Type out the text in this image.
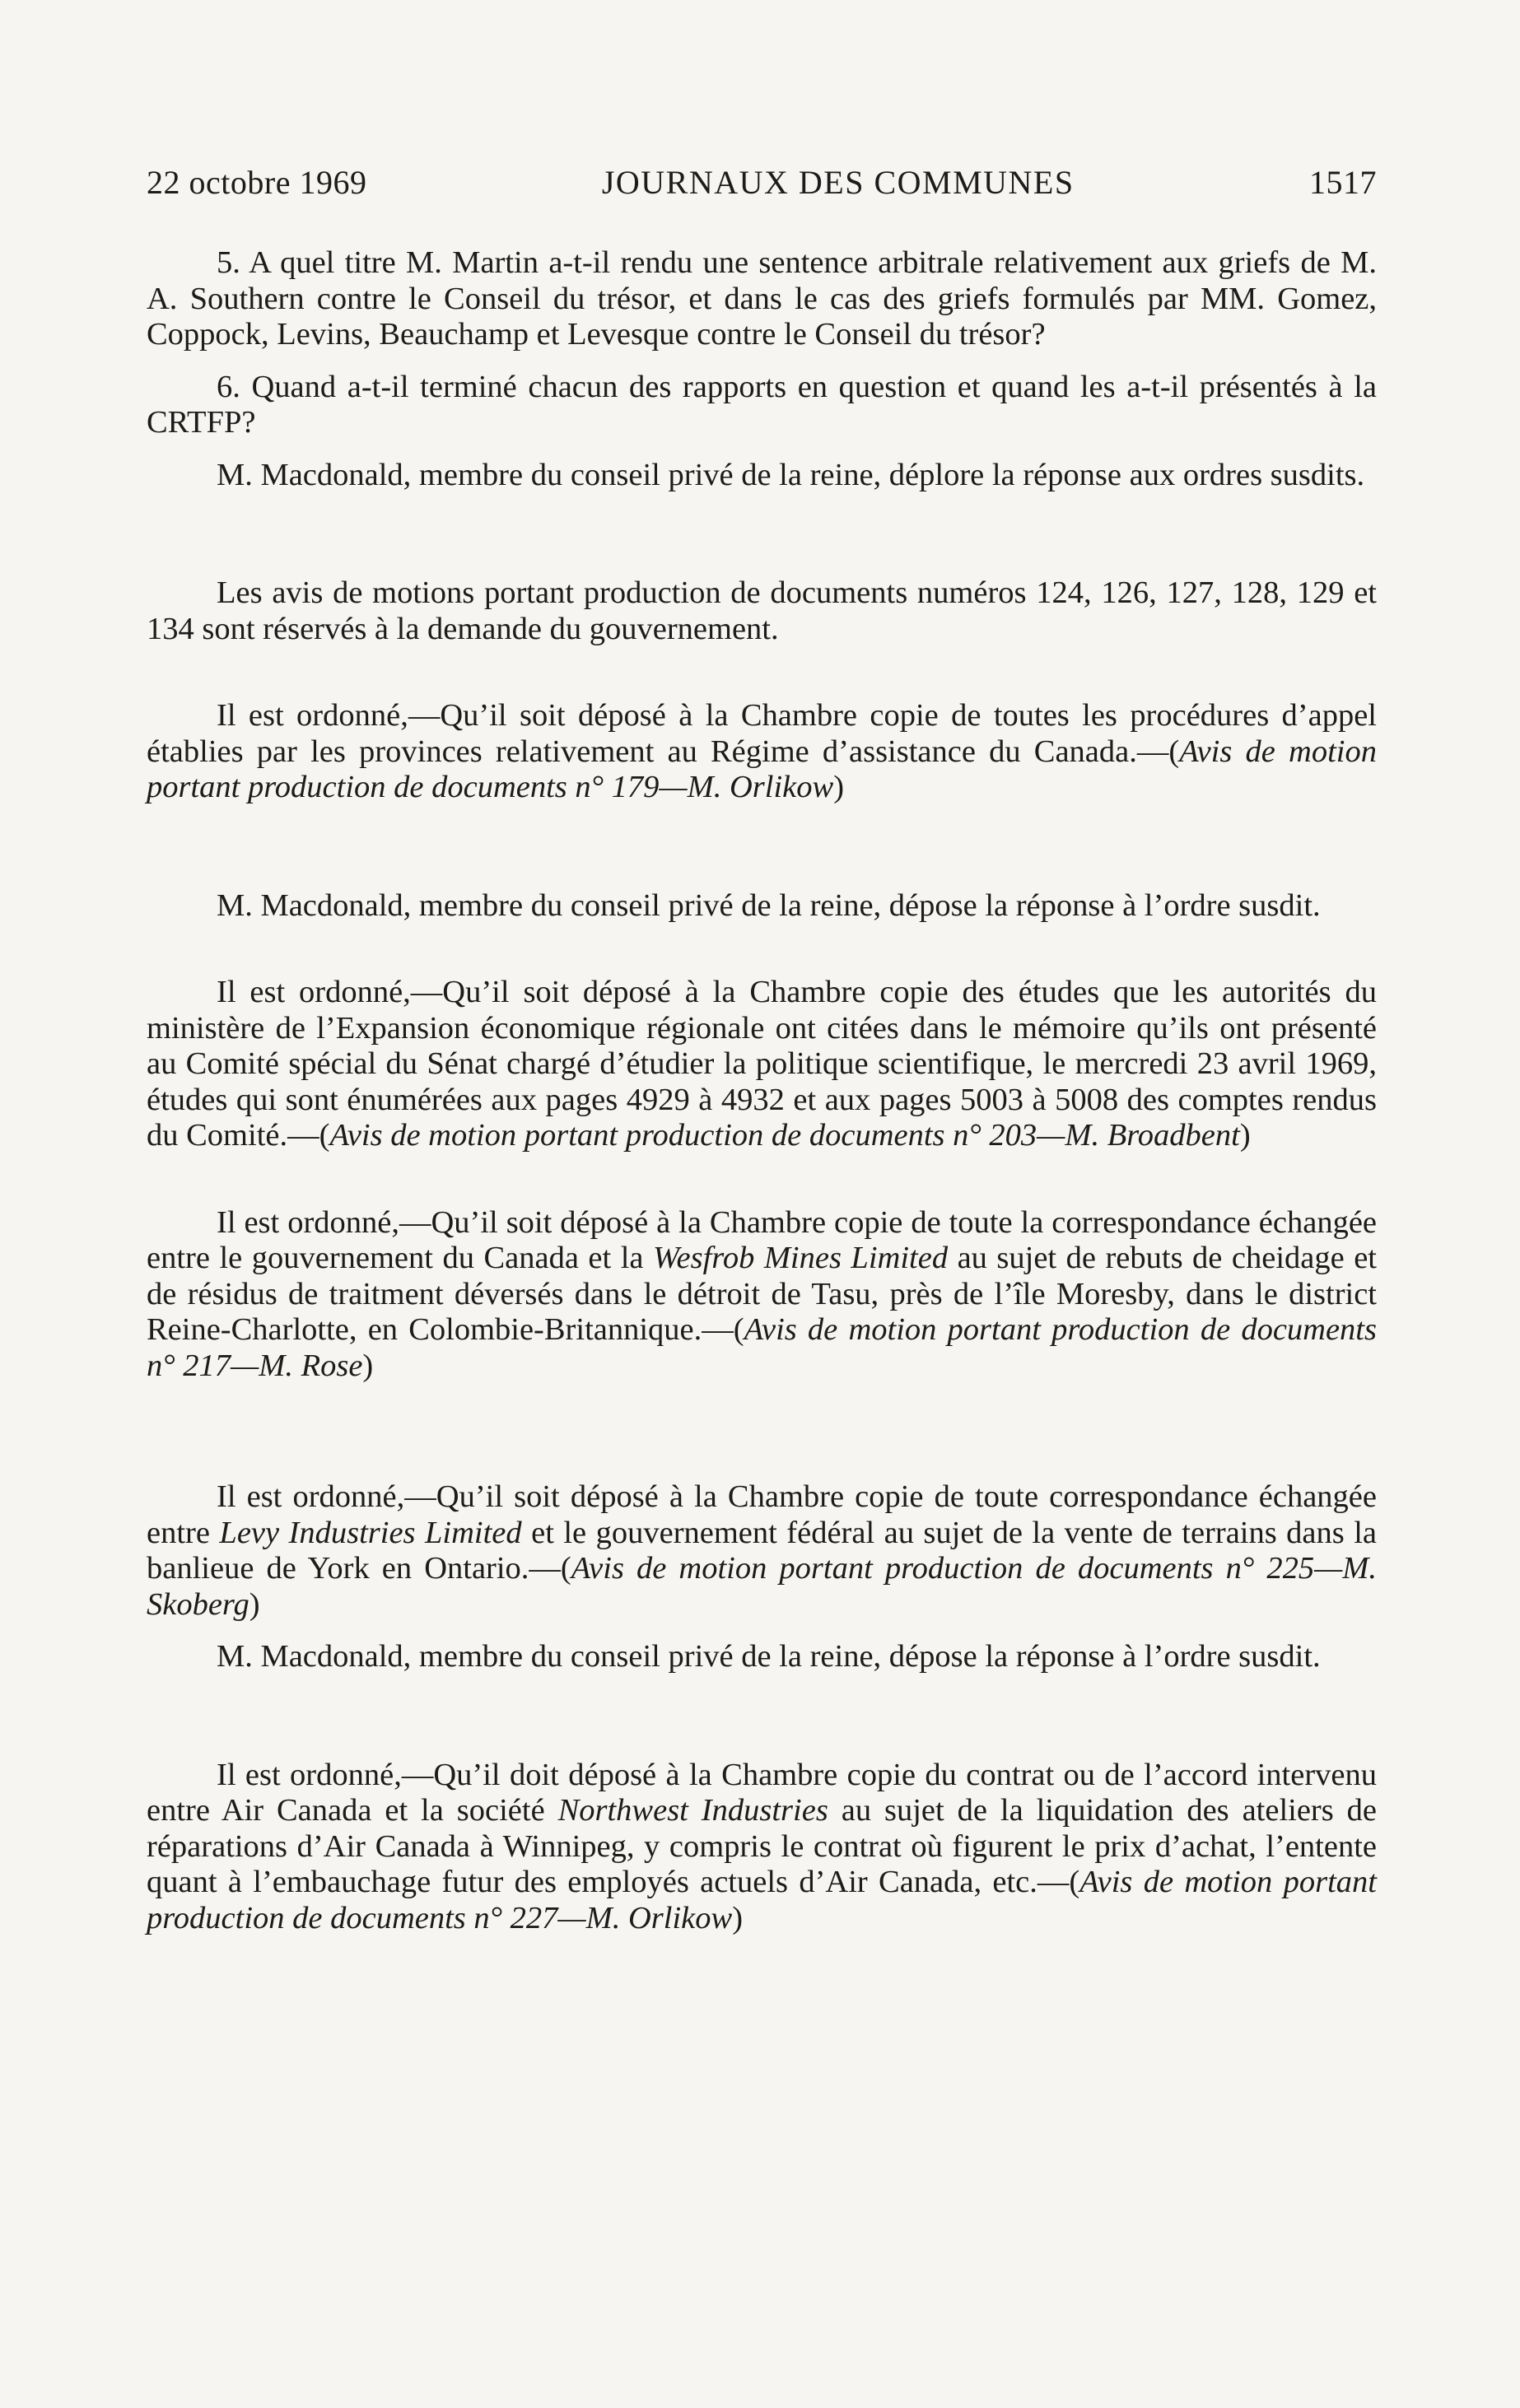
22 octobre 1969	JOURNAUX DES COMMUNES	1517

5. A quel titre M. Martin a-t-il rendu une sentence arbitrale relativement aux griefs de M. A. Southern contre le Conseil du trésor, et dans le cas des griefs formulés par MM. Gomez, Coppock, Levins, Beauchamp et Levesque contre le Conseil du trésor?

6. Quand a-t-il terminé chacun des rapports en question et quand les a-t-il présentés à la CRTFP?

M. Macdonald, membre du conseil privé de la reine, déplore la réponse aux ordres susdits.

Les avis de motions portant production de documents numéros 124, 126, 127, 128, 129 et 134 sont réservés à la demande du gouvernement.

Il est ordonné,—Qu’il soit déposé à la Chambre copie de toutes les procédures d’appel établies par les provinces relativement au Régime d’assistance du Canada.—(Avis de motion portant production de documents n° 179—M. Orlikow)

M. Macdonald, membre du conseil privé de la reine, dépose la réponse à l’ordre susdit.

Il est ordonné,—Qu’il soit déposé à la Chambre copie des études que les autorités du ministère de l’Expansion économique régionale ont citées dans le mémoire qu’ils ont présenté au Comité spécial du Sénat chargé d’étudier la politique scientifique, le mercredi 23 avril 1969, études qui sont énumérées aux pages 4929 à 4932 et aux pages 5003 à 5008 des comptes rendus du Comité.—(Avis de motion portant production de documents n° 203—M. Broadbent)

Il est ordonné,—Qu’il soit déposé à la Chambre copie de toute la correspondance échangée entre le gouvernement du Canada et la Wesfrob Mines Limited au sujet de rebuts de cheidage et de résidus de traitment déversés dans le détroit de Tasu, près de l’île Moresby, dans le district Reine-Charlotte, en Colombie-Britannique.—(Avis de motion portant production de documents n° 217—M. Rose)

Il est ordonné,—Qu’il soit déposé à la Chambre copie de toute correspondance échangée entre Levy Industries Limited et le gouvernement fédéral au sujet de la vente de terrains dans la banlieue de York en Ontario.—(Avis de motion portant production de documents n° 225—M. Skoberg)

M. Macdonald, membre du conseil privé de la reine, dépose la réponse à l’ordre susdit.

Il est ordonné,—Qu’il doit déposé à la Chambre copie du contrat ou de l’accord intervenu entre Air Canada et la société Northwest Industries au sujet de la liquidation des ateliers de réparations d’Air Canada à Winnipeg, y compris le contrat où figurent le prix d’achat, l’entente quant à l’embauchage futur des employés actuels d’Air Canada, etc.—(Avis de motion portant production de documents n° 227—M. Orlikow)
